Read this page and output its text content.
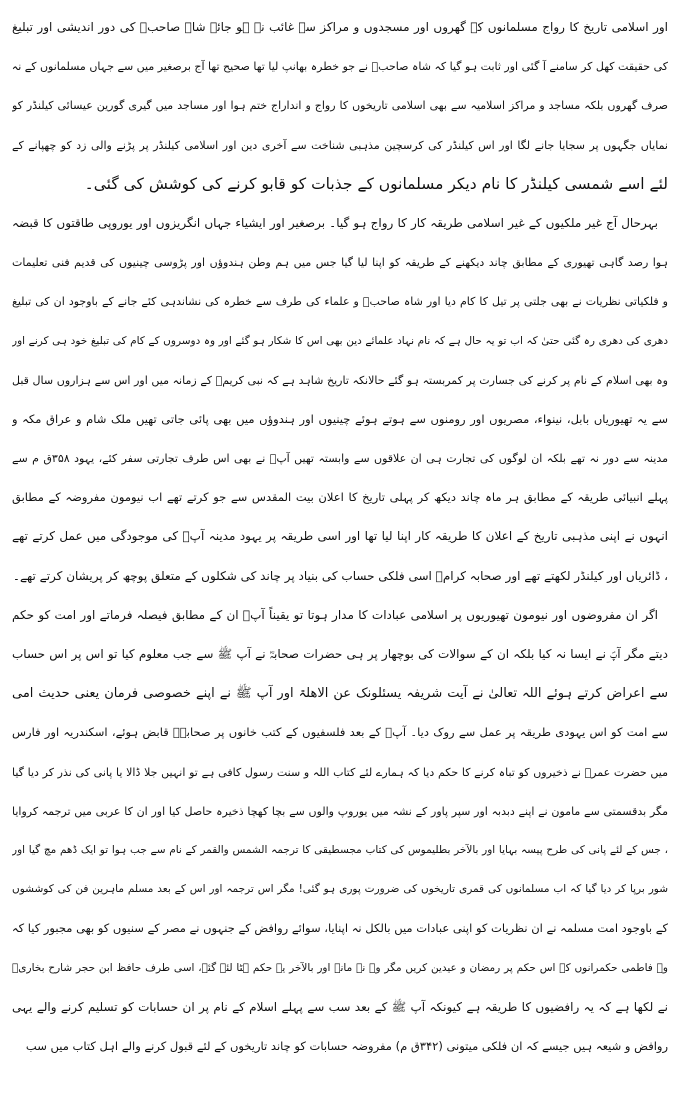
اور اسلامی تاریخ کا رواج مسلمانوں کے گھروں اور مسجدوں و مراکز سے غائب نہ ہو جائے شاہ صاحبؒ کی دور اندیشی اور تبلیغ
کی حقیقت کھل کر سامنے آ گئی اور ثابت ہو گیا کہ شاہ صاحبؒ نے جو خطرہ بھانپ لیا تھا صحیح تھا آج برصغیر میں سے جہاں مسلمانوں کے نہ
صرف گھروں بلکہ مساجد و مراکز اسلامیہ سے بھی اسلامی تاریخوں کا رواج و انداراج ختم ہوا اور مساجد میں گیری گورین عیسائی کیلنڈر کو
نمایاں جگہوں پر سجایا جانے لگا اور اس کیلنڈر کی کرسچین مذہبی شناخت سے آخری دین اور اسلامی کیلنڈر پر پڑنے والی زد کو چھپانے کے
لئے اسے شمسی کیلنڈر کا نام دیکر مسلمانوں کے جذبات کو قابو کرنے کی کوشش کی گئی۔
بہرحال آج غیر ملکیوں کے غیر اسلامی طریقہ کار کا رواج ہو گیا۔ برصغیر اور ایشیاء جہاں انگریزوں اور یوروپی طاقتوں کا قبضہ
ہوا رصد گاہی تھیوری کے مطابق چاند دیکھنے کے طریقہ کو اپنا لیا گیا جس میں ہم وطن ہندوؤں اور پڑوسی چینیوں کی قدیم فنی تعلیمات
و فلکیاتی نظریات نے بھی جلتی پر تیل کا کام دیا اور شاہ صاحبؒ و علماء کی طرف سے خطرہ کی نشاندہی کئے جانے کے باوجود ان کی تبلیغ
دھری کی دھری رہ گئی حتیٰ کہ اب تو یہ حال ہے کہ نام نہاد علمائے دین بھی اس کا شکار ہو گئے اور وہ دوسروں کے کام کی تبلیغ خود ہی کرنے اور
وہ بھی اسلام کے نام پر کرنے کی جسارت پر کمربستہ ہو گئے حالانکہ تاریخ شاہد ہے کہ نبی کریمؐ کے زمانہ میں اور اس سے ہزاروں سال قبل
سے یہ تھیوریاں بابل، نینواء، مصریوں اور رومنوں سے ہوتے ہوئے چینیوں اور ہندوؤں میں بھی پائی جاتی تھیں ملک شام و عراق مکہ و
مدینہ سے دور نہ تھے بلکہ ان لوگوں کی تجارت ہی ان علاقوں سے وابستہ تھیں آپؐ نے بھی اس طرف تجارتی سفر کئے، یہود ۳۵۸ق م سے
پہلے انبیائی طریقہ کے مطابق ہر ماہ چاند دیکھ کر پہلی تاریخ کا اعلان بیت المقدس سے جو کرتے تھے اب نیومون مفروضہ کے مطابق
انہوں نے اپنی مذہبی تاریخ کے اعلان کا طریقہ کار اپنا لیا تھا اور اسی طریقہ پر یہود مدینہ آپؐ کی موجودگی میں عمل کرتے تھے
، ڈائریاں اور کیلنڈر لکھتے تھے اور صحابہ کرامؓ اسی فلکی حساب کی بنیاد پر چاند کی شکلوں کے متعلق پوچھ کر پریشان کرتے تھے۔
اگر ان مفروضوں اور نیومون تھیوریوں پر اسلامی عبادات کا مدار ہوتا تو یقیناً آپؐ ان کے مطابق فیصلہ فرماتے اور امت کو حکم
دیتے مگر آپؐ نے ایسا نہ کیا بلکہ ان کے سوالات کی بوچھار پر ہی حضرات صحابہؓ نے آپ ﷺ سے جب معلوم کیا تو اس پر اس حساب
سے اعراض کرتے ہوئے اللہ تعالیٰ نے آیت شریفہ یسئلونک عن الاھلۃ اور آپ ﷺ نے اپنے خصوصی فرمان یعنی حدیث امی
سے امت کو اس یہودی طریقہ پر عمل سے روک دیا۔ آپؐ کے بعد فلسفیوں کے کتب خانوں پر صحابہؓ قابض ہوئے، اسکندریہ اور فارس
میں حضرت عمرؓ نے ذخیروں کو تباہ کرنے کا حکم دیا کہ ہمارے لئے کتاب اللہ و سنت رسول کافی ہے تو انہیں جلا ڈالا یا پانی کی نذر کر دیا گیا
مگر بدقسمتی سے مامون نے اپنے دبدبہ اور سپر پاور کے نشہ میں یوروپ والوں سے بچا کھچا ذخیرہ حاصل کیا اور ان کا عربی میں ترجمہ کروایا
، جس کے لئے پانی کی طرح پیسہ بہایا اور بالآخر بطلیموس کی کتاب مجسطیقی کا ترجمہ الشمس والقمر کے نام سے جب ہوا تو ایک ڈھم مچ گیا اور
شور برپا کر دیا گیا کہ اب مسلمانوں کی قمری تاریخوں کی ضرورت پوری ہو گئی! مگر اس ترجمہ اور اس کے بعد مسلم ماہرین فن کی کوششوں
کے باوجود امت مسلمہ نے ان نظریات کو اپنی عبادات میں بالکل نہ اپنایا، سوائے روافض کے جنہوں نے مصر کے سنیوں کو بھی مجبور کیا کہ
وہ فاطمی حکمرانوں کے اس حکم پر رمضان و عیدین کریں مگر وہ نہ مانے اور بالآخر یہ حکم ہٹا لئے گئے، اسی طرف حافظ ابن حجر شارح بخاریؒ
نے لکھا ہے کہ یہ رافضیوں کا طریقہ ہے کیونکہ آپ ﷺ کے بعد سب سے پہلے اسلام کے نام پر ان حسابات کو تسلیم کرنے والے یہی
روافض و شیعہ ہیں جیسے کہ ان فلکی میتونی (۳۴۲ق م) مفروضہ حسابات کو چاند تاریخوں کے لئے قبول کرنے والے اہل کتاب میں سب
